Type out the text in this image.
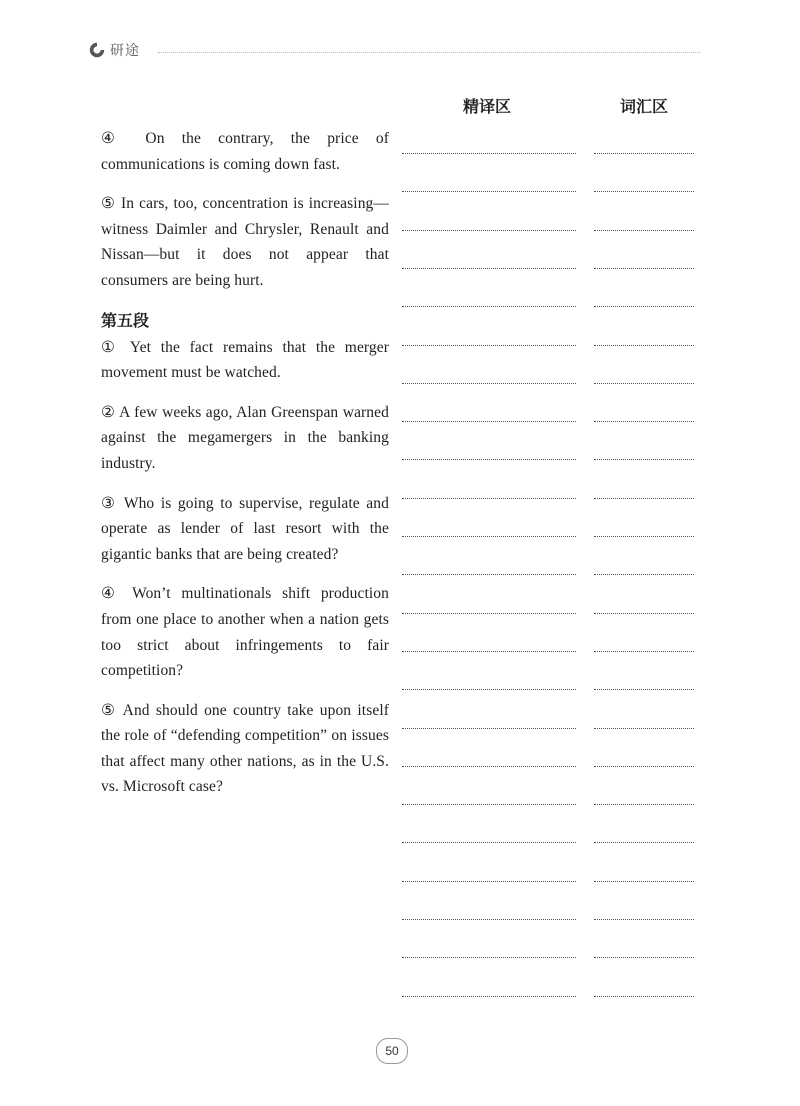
研途
精译区	词汇区

④ On the contrary, the price of communications is coming down fast.

⑤ In cars, too, concentration is increasing—witness Daimler and Chrysler, Renault and Nissan—but it does not appear that consumers are being hurt.

第五段

① Yet the fact remains that the merger movement must be watched.

② A few weeks ago, Alan Greenspan warned against the megamergers in the banking industry.

③ Who is going to supervise, regulate and operate as lender of last resort with the gigantic banks that are being created?

④ Won’t multinationals shift production from one place to another when a nation gets too strict about infringements to fair competition?

⑤ And should one country take upon itself the role of “defending competition” on issues that affect many other nations, as in the U.S. vs. Microsoft case?

50
